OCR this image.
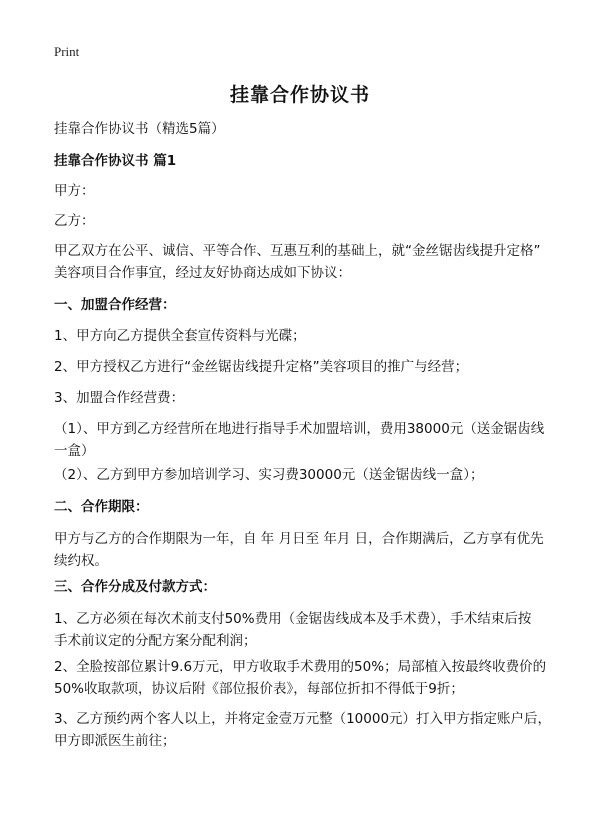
Print
挂靠合作协议书
挂靠合作协议书（精选5篇）
挂靠合作协议书 篇1
甲方：
乙方：
甲乙双方在公平、诚信、平等合作、互惠互利的基础上，就“金丝锯齿线提升定格”
美容项目合作事宜，经过友好协商达成如下协议：
一、加盟合作经营：
1、甲方向乙方提供全套宣传资料与光碟；
2、甲方授权乙方进行“金丝锯齿线提升定格”美容项目的推广与经营；
3、加盟合作经营费：
（1）、甲方到乙方经营所在地进行指导手术加盟培训，费用38000元（送金锯齿线
一盒）
（2）、乙方到甲方参加培训学习、实习费30000元（送金锯齿线一盒）；
二、合作期限：
甲方与乙方的合作期限为一年，自 年 月日至 年月 日，合作期满后，乙方享有优先
续约权。
三、合作分成及付款方式：
1、乙方必须在每次术前支付50%费用（金锯齿线成本及手术费），手术结束后按
手术前议定的分配方案分配利润；
2、全脸按部位累计9.6万元，甲方收取手术费用的50%；局部植入按最终收费价的
50%收取款项，协议后附《部位报价表》，每部位折扣不得低于9折；
3、乙方预约两个客人以上，并将定金壹万元整（10000元）打入甲方指定账户后，
甲方即派医生前往；
